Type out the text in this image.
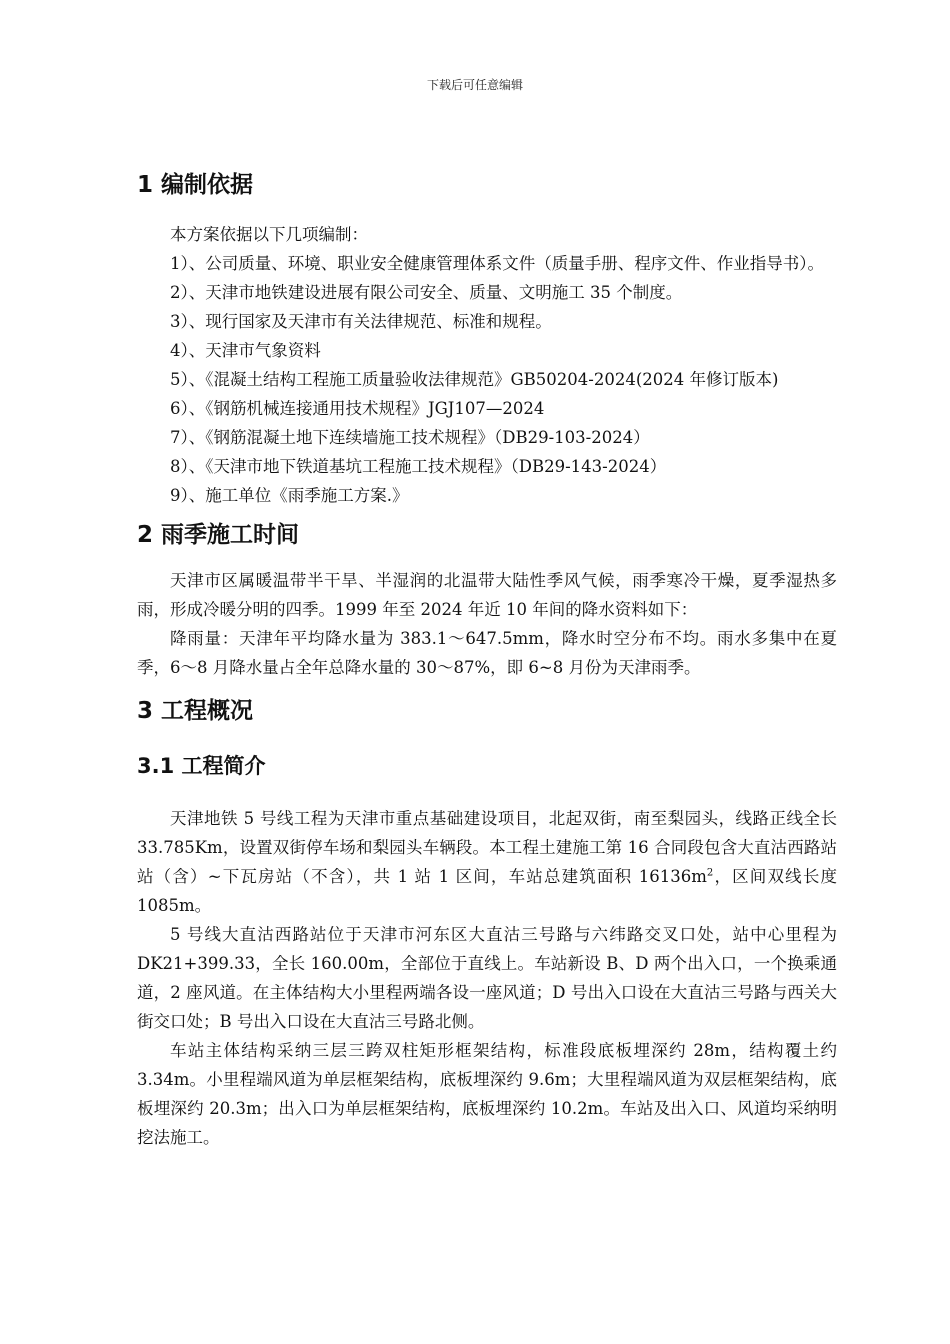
下载后可任意编辑
1 编制依据

本方案依据以下几项编制：

1）、公司质量、环境、职业安全健康管理体系文件（质量手册、程序文件、作业指导书）。

2）、天津市地铁建设进展有限公司安全、质量、文明施工 35 个制度。

3）、现行国家及天津市有关法律规范、标准和规程。

4）、天津市气象资料

5）、《混凝土结构工程施工质量验收法律规范》GB50204-2024(2024 年修订版本)

6）、《钢筋机械连接通用技术规程》JGJ107—2024

7）、《钢筋混凝土地下连续墙施工技术规程》（DB29-103-2024）

8）、《天津市地下铁道基坑工程施工技术规程》（DB29-143-2024）

9）、施工单位《雨季施工方案.》

2 雨季施工时间

天津市区属暖温带半干旱、半湿润的北温带大陆性季风气候，雨季寒冷干燥，夏季湿热多雨，形成冷暖分明的四季。1999 年至 2024 年近 10 年间的降水资料如下：

降雨量：天津年平均降水量为 383.1～647.5mm，降水时空分布不均。雨水多集中在夏季，6～8 月降水量占全年总降水量的 30～87%，即 6~8 月份为天津雨季。

3 工程概况
3.1 工程简介

天津地铁 5 号线工程为天津市重点基础建设项目，北起双街，南至梨园头，线路正线全长 33.785Km，设置双街停车场和梨园头车辆段。本工程土建施工第 16 合同段包含大直沽西路站站（含）~下瓦房站（不含），共 1 站 1 区间，车站总建筑面积 $16136m^2$，区间双线长度 1085m。

5 号线大直沽西路站位于天津市河东区大直沽三号路与六纬路交叉口处，站中心里程为 DK21+399.33，全长 160.00m，全部位于直线上。车站新设 B、D 两个出入口，一个换乘通道，2 座风道。在主体结构大小里程两端各设一座风道；D 号出入口设在大直沽三号路与西关大街交口处；B 号出入口设在大直沽三号路北侧。

车站主体结构采纳三层三跨双柱矩形框架结构，标准段底板埋深约 28m，结构覆土约 3.34m。小里程端风道为单层框架结构，底板埋深约 9.6m；大里程端风道为双层框架结构，底板埋深约 20.3m；出入口为单层框架结构，底板埋深约 10.2m。车站及出入口、风道均采纳明挖法施工。
